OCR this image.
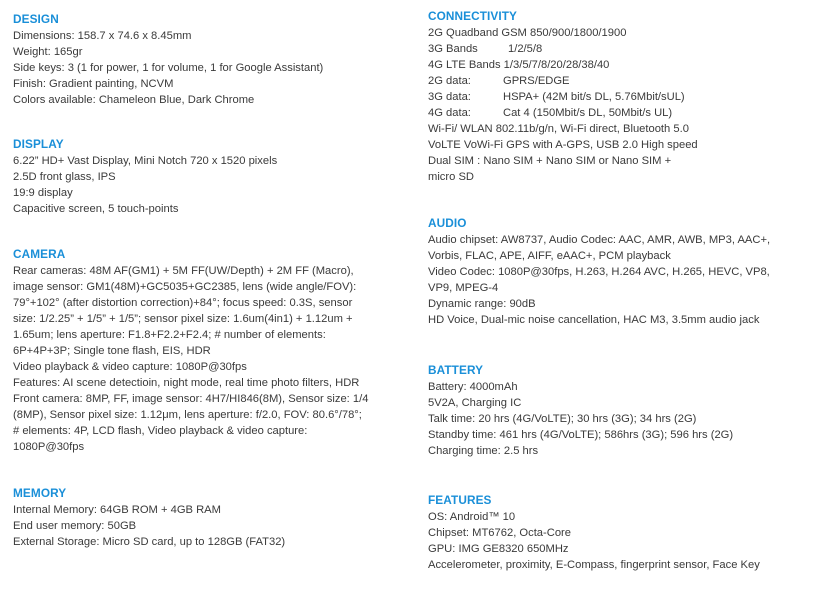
DESIGN

Dimensions: 158.7 x 74.6 x 8.45mm

Weight: 165gr

Side keys: 3 (1 for power, 1 for volume, 1 for Google Assistant)

Finish: Gradient painting, NCVM

Colors available: Chameleon Blue, Dark Chrome

DISPLAY

6.22” HD+ Vast Display, Mini Notch 720 x 1520 pixels

2.5D front glass, IPS

19:9 display

Capacitive screen, 5 touch-points

CAMERA

Rear cameras: 48M AF(GM1) + 5M FF(UW/Depth) + 2M FF (Macro),

image sensor: GM1(48M)+GC5035+GC2385, lens (wide angle/FOV):

79°+102° (after distortion correction)+84°; focus speed: 0.3S, sensor

size: 1/2.25” + 1/5” + 1/5”; sensor pixel size: 1.6um(4in1) + 1.12um +

1.65um; lens aperture: F1.8+F2.2+F2.4; # number of elements:

6P+4P+3P; Single tone flash, EIS, HDR

Video playback & video capture: 1080P@30fps

Features: AI scene detectioin, night mode, real time photo filters, HDR

Front camera: 8MP, FF, image sensor: 4H7/HI846(8M), Sensor size: 1/4

(8MP), Sensor pixel size: 1.12μm, lens aperture: f/2.0, FOV: 80.6°/78°;

# elements: 4P, LCD flash, Video playback & video capture:

1080P@30fps

MEMORY

Internal Memory: 64GB ROM + 4GB RAM

End user memory: 50GB

External Storage: Micro SD card, up to 128GB (FAT32)

CONNECTIVITY

2G Quadband GSM 850/900/1800/1900

3G Bands	1/2/5/8

4G LTE Bands 1/3/5/7/8/20/28/38/40

2G data:	GPRS/EDGE
3G data:	HSPA+ (42M bit/s DL, 5.76Mbit/sUL)
4G data:	Cat 4 (150Mbit/s DL, 50Mbit/s UL)

Wi-Fi/ WLAN 802.11b/g/n, Wi-Fi direct, Bluetooth 5.0

VoLTE VoWi-Fi GPS with A-GPS, USB 2.0 High speed

Dual SIM : Nano SIM + Nano SIM or Nano SIM +

micro SD

AUDIO

Audio chipset: AW8737, Audio Codec: AAC, AMR, AWB, MP3, AAC+,

Vorbis, FLAC, APE, AIFF, eAAC+, PCM playback

Video Codec: 1080P@30fps, H.263, H.264 AVC, H.265, HEVC, VP8,

VP9, MPEG-4

Dynamic range: 90dB

HD Voice, Dual-mic noise cancellation, HAC M3, 3.5mm audio jack

BATTERY

Battery: 4000mAh

5V2A, Charging IC

Talk time: 20 hrs (4G/VoLTE); 30 hrs (3G); 34 hrs (2G)

Standby time: 461 hrs (4G/VoLTE); 586hrs (3G); 596 hrs (2G)

Charging time: 2.5 hrs

FEATURES

OS: Android™ 10

Chipset: MT6762, Octa-Core

GPU: IMG GE8320 650MHz

Accelerometer, proximity, E-Compass, fingerprint sensor, Face Key
